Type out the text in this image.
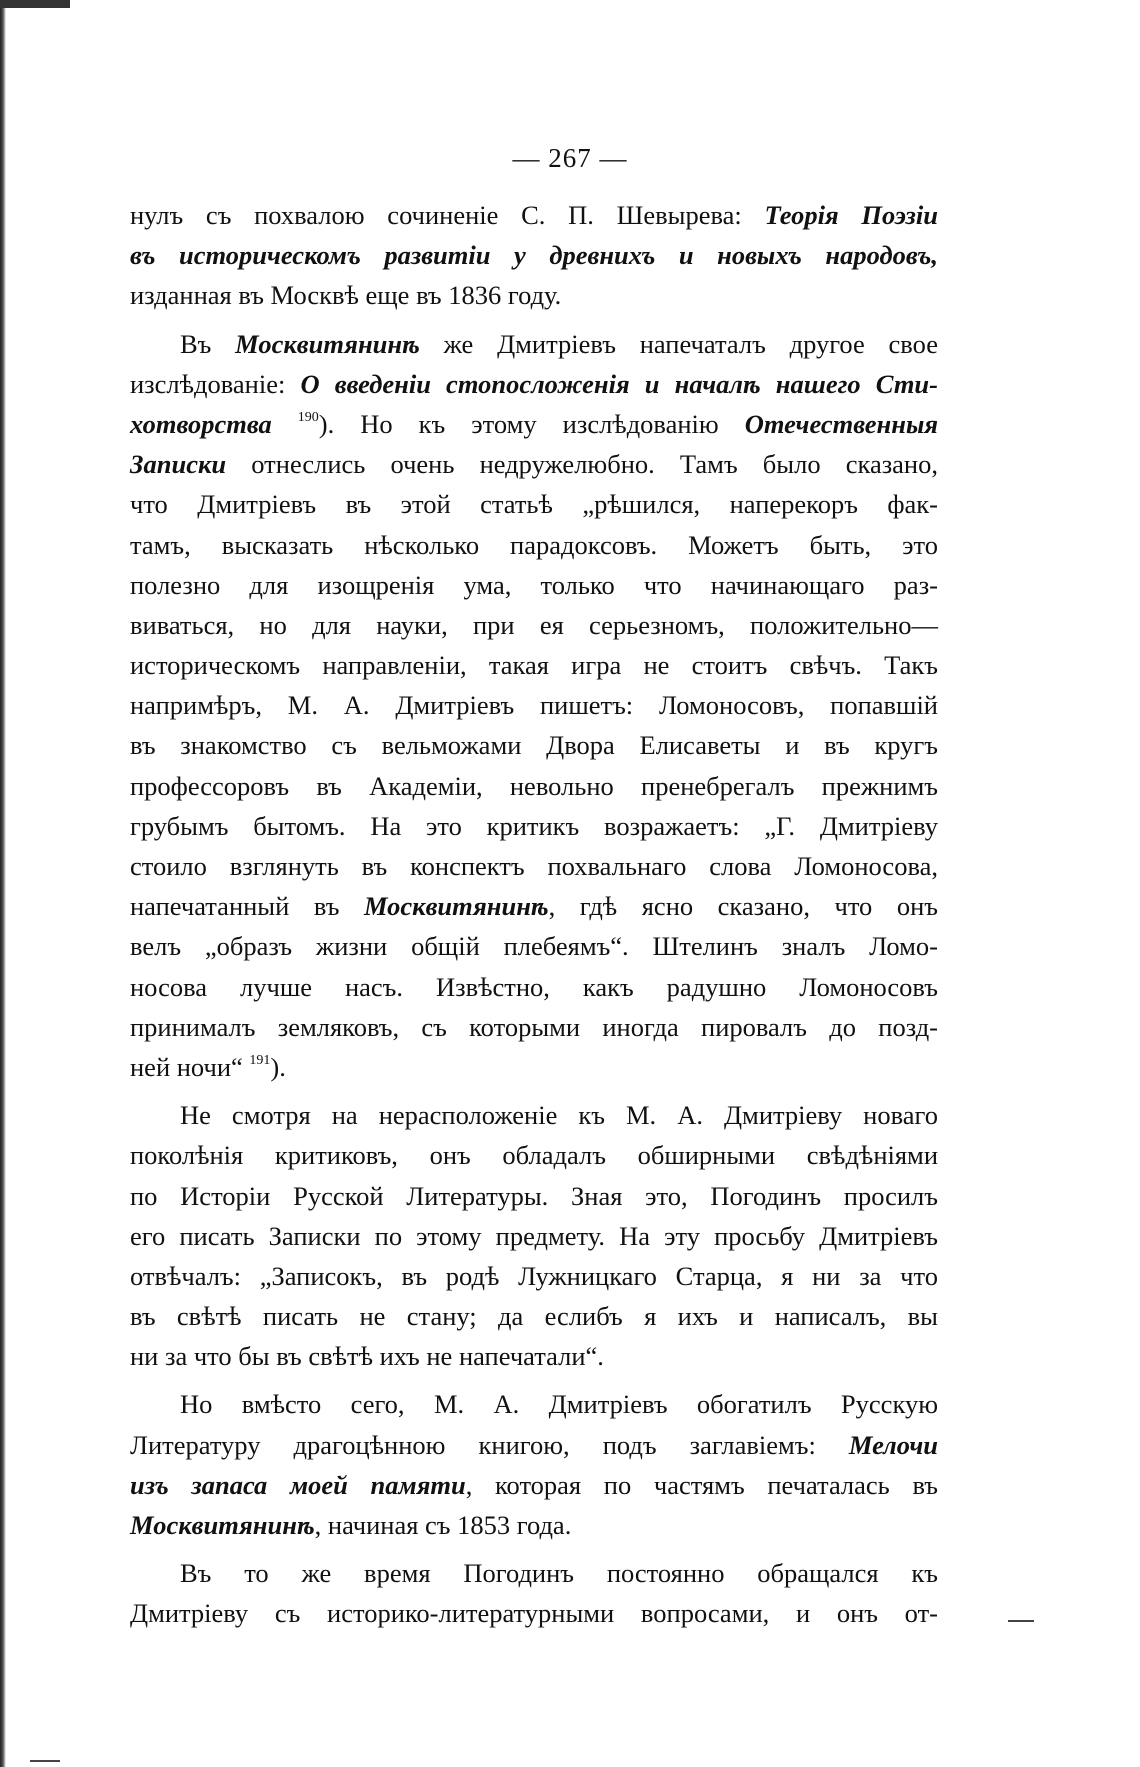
— 267 —
нулъ съ похвалою сочиненіе С. П. Шевырева: Теорія Поэзіи
въ историческомъ развитіи у древнихъ и новыхъ народовъ,
изданная въ Москвѣ еще въ 1836 году.
Въ Москвитянинѣ же Дмитріевъ напечаталъ другое свое
изслѣдованіе: О введеніи стопосложенія и началѣ нашего Сти-
хотворства $^{190}$). Но къ этому изслѣдованію Отечественныя
Записки отнеслись очень недружелюбно. Тамъ было сказано,
что Дмитріевъ въ этой статьѣ „рѣшился, наперекоръ фак-
тамъ, высказать нѣсколько парадоксовъ. Можетъ быть, это
полезно для изощренія ума, только что начинающаго раз-
виваться, но для науки, при ея серьезномъ, положительно—
историческомъ направленіи, такая игра не стоитъ свѣчъ. Такъ
напримѣръ, М. А. Дмитріевъ пишетъ: Ломоносовъ, попавшій
въ знакомство съ вельможами Двора Елисаветы и въ кругъ
профессоровъ въ Академіи, невольно пренебрегалъ прежнимъ
грубымъ бытомъ. На это критикъ возражаетъ: „Г. Дмитріеву
стоило взглянуть въ конспектъ похвальнаго слова Ломоносова,
напечатанный въ Москвитянинѣ, гдѣ ясно сказано, что онъ
велъ „образъ жизни общій плебеямъ“. Штелинъ зналъ Ломо-
носова лучше насъ. Извѣстно, какъ радушно Ломоносовъ
принималъ земляковъ, съ которыми иногда пировалъ до позд-
ней ночи“ $^{191}$).
Не смотря на нерасположеніе къ М. А. Дмитріеву новаго
поколѣнія критиковъ, онъ обладалъ обширными свѣдѣніями
по Исторіи Русской Литературы. Зная это, Погодинъ просилъ
его писать Записки по этому предмету. На эту просьбу Дмитріевъ
отвѣчалъ: „Записокъ, въ родѣ Лужницкаго Старца, я ни за что
въ свѣтѣ писать не стану; да еслибъ я ихъ и написалъ, вы
ни за что бы въ свѣтѣ ихъ не напечатали“.
Но вмѣсто сего, М. А. Дмитріевъ обогатилъ Русскую
Литературу драгоцѣнною книгою, подъ заглавіемъ: Мелочи
изъ запаса моей памяти, которая по частямъ печаталась въ
Москвитянинѣ, начиная съ 1853 года.
Въ то же время Погодинъ постоянно обращался къ
Дмитріеву съ историко-литературными вопросами, и онъ от-
